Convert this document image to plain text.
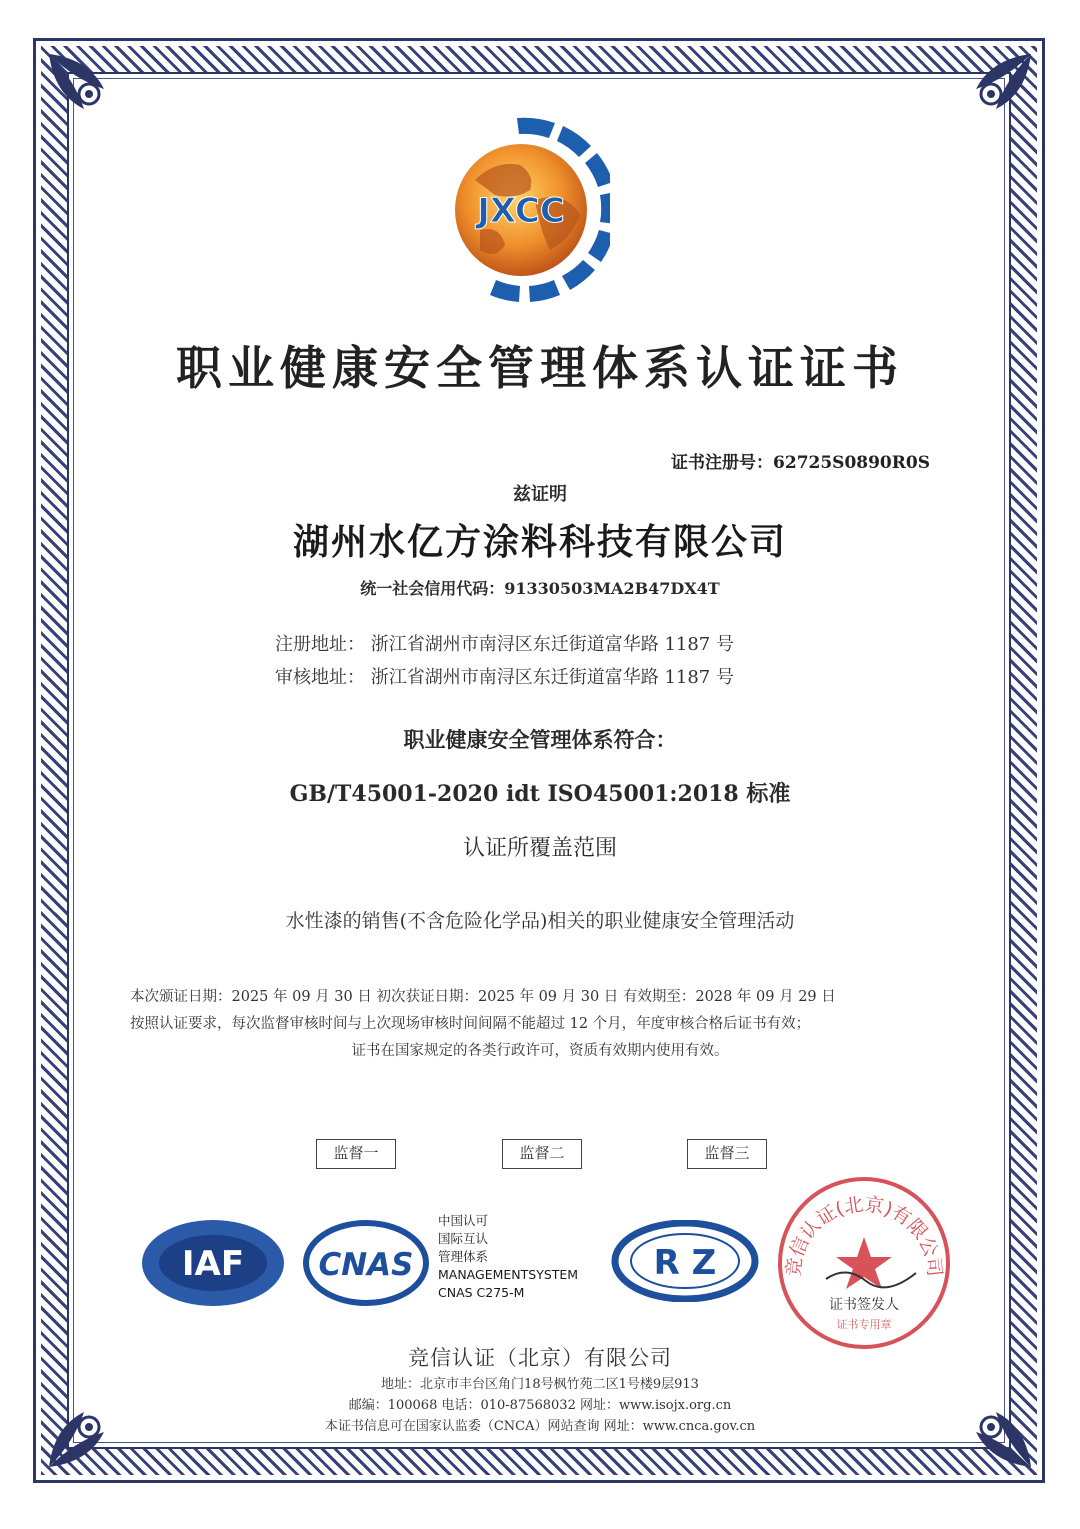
JXCC
职业健康安全管理体系认证证书
证书注册号：62725S0890R0S
兹证明
湖州水亿方涂料科技有限公司
统一社会信用代码：91330503MA2B47DX4T
注册地址： 浙江省湖州市南浔区东迁街道富华路 1187 号
审核地址： 浙江省湖州市南浔区东迁街道富华路 1187 号
职业健康安全管理体系符合：
GB/T45001-2020 idt ISO45001:2018 标准
认证所覆盖范围
水性漆的销售(不含危险化学品)相关的职业健康安全管理活动
本次颁证日期：2025 年 09 月 30 日 初次获证日期：2025 年 09 月 30 日 有效期至：2028 年 09 月 29 日
按照认证要求，每次监督审核时间与上次现场审核时间间隔不能超过 12 个月，年度审核合格后证书有效；
证书在国家规定的各类行政许可，资质有效期内使用有效。
监督一	监督二	监督三
IAF CNAS
中国认可
国际互认
管理体系
MANAGEMENTSYSTEM
CNAS C275-M
R Z	竞信认证(北京)有限公司
证书签发人
证书专用章
竞信认证（北京）有限公司
地址：北京市丰台区角门18号枫竹苑二区1号楼9层913
邮编：100068 电话：010-87568032 网址：www.isojx.org.cn
本证书信息可在国家认监委（CNCA）网站查询 网址：www.cnca.gov.cn
